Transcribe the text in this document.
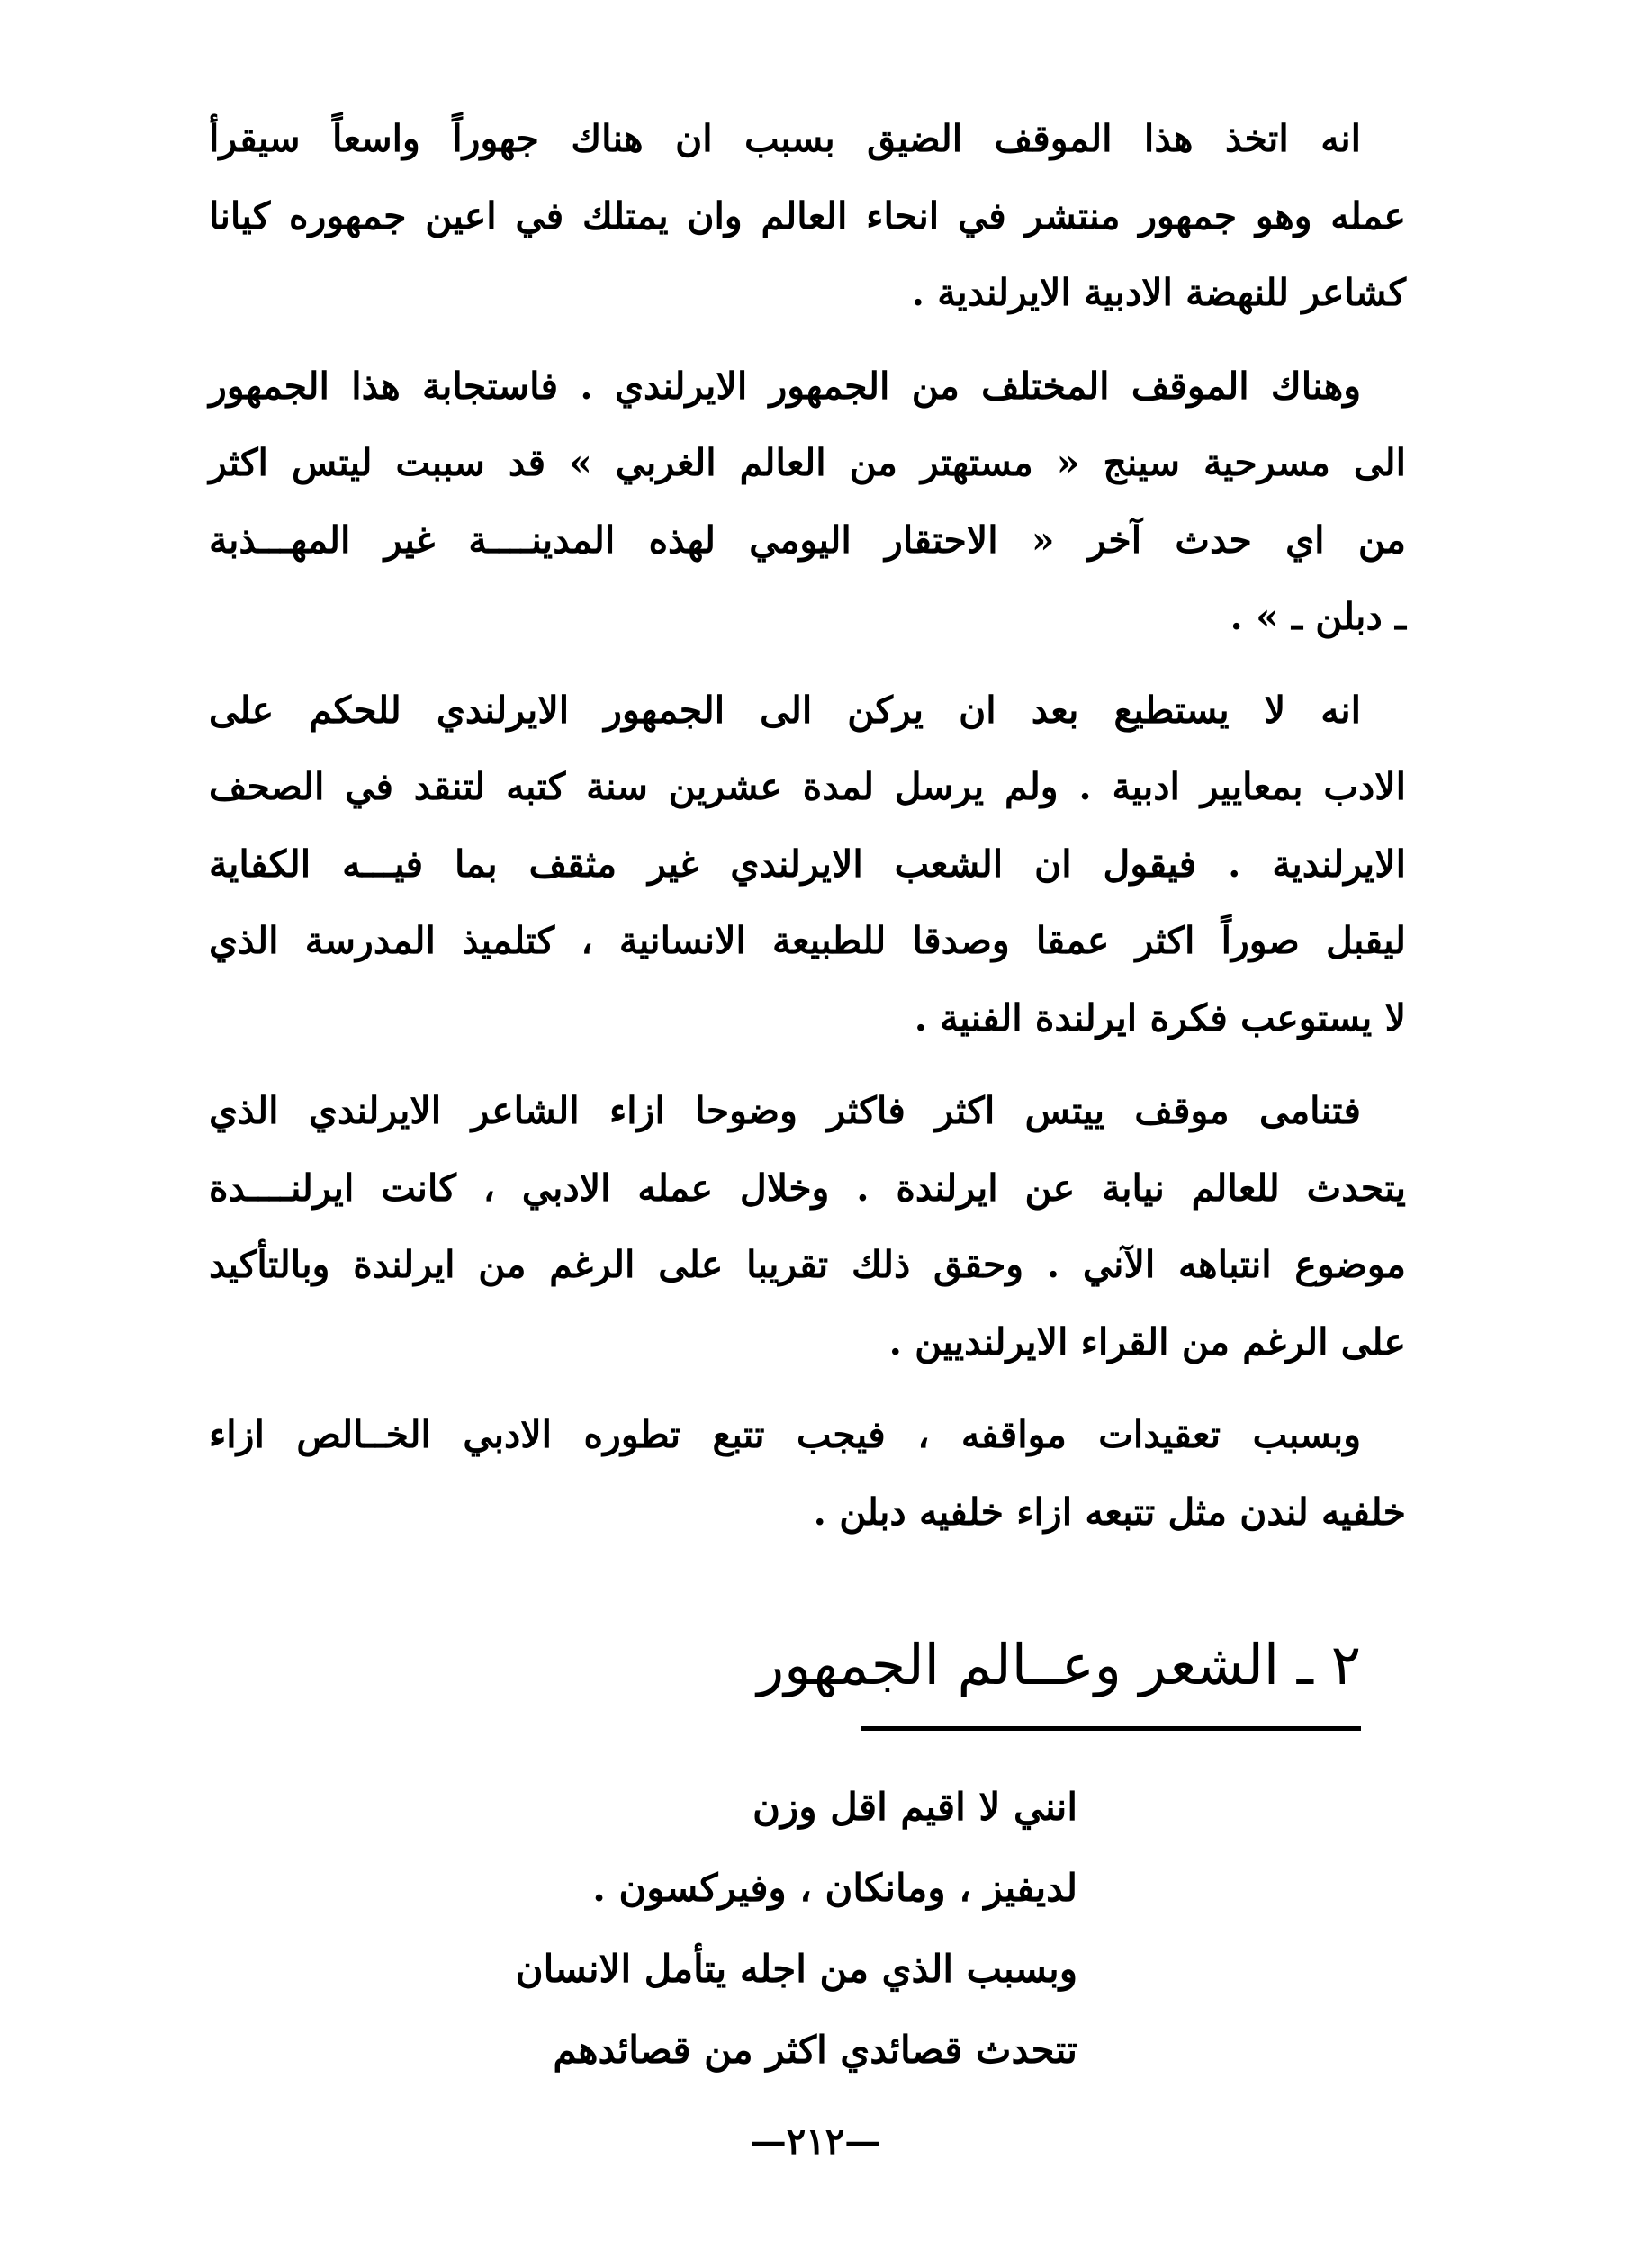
انه اتخذ هذا الموقف الضيق بسبب ان هناك جهوراً واسعاً سيقرأ
عمله وهو جمهور منتشر في انحاء العالم وان يمتلك في اعين جمهوره كيانا
كشاعر للنهضة الادبية الايرلندية .

وهناك الموقف المختلف من الجمهور الايرلندي . فاستجابة هذا الجمهور
الى مسرحية سينج « مستهتر من العالم الغربي » قد سببت ليتس اكثر
من اي حدث آخر « الاحتقار اليومي لهذه المدينــــة غير المهـــذبة
ـ دبلن ـ » .

انه لا يستطيع بعد ان يركن الى الجمهور الايرلندي للحكم على
الادب بمعايير ادبية . ولم يرسل لمدة عشرين سنة كتبه لتنقد في الصحف
الايرلندية . فيقول ان الشعب الايرلندي غير مثقف بما فيـــه الكفاية
ليقبل صوراً اكثر عمقا وصدقا للطبيعة الانسانية ، كتلميذ المدرسة الذي
لا يستوعب فكرة ايرلندة الفنية .

فتنامى موقف ييتس اكثر فاكثر وضوحا ازاء الشاعر الايرلندي الذي
يتحدث للعالم نيابة عن ايرلندة . وخلال عمله الادبي ، كانت ايرلنــــدة
موضوع انتباهه الآني . وحقق ذلك تقريبا على الرغم من ايرلندة وبالتأكيد
على الرغم من القراء الايرلنديين .

وبسبب تعقيدات مواقفه ، فيجب تتبع تطوره الادبي الخــالص ازاء
خلفيه لندن مثل تتبعه ازاء خلفيه دبلن .

٢ ـ الشعر وعــالم الجمهور
انني لا اقيم اقل وزن
لديفيز ، ومانكان ، وفيركسون .
وبسبب الذي من اجله يتأمل الانسان
تتحدث قصائدي اكثر من قصائدهم
—٢١٢—
